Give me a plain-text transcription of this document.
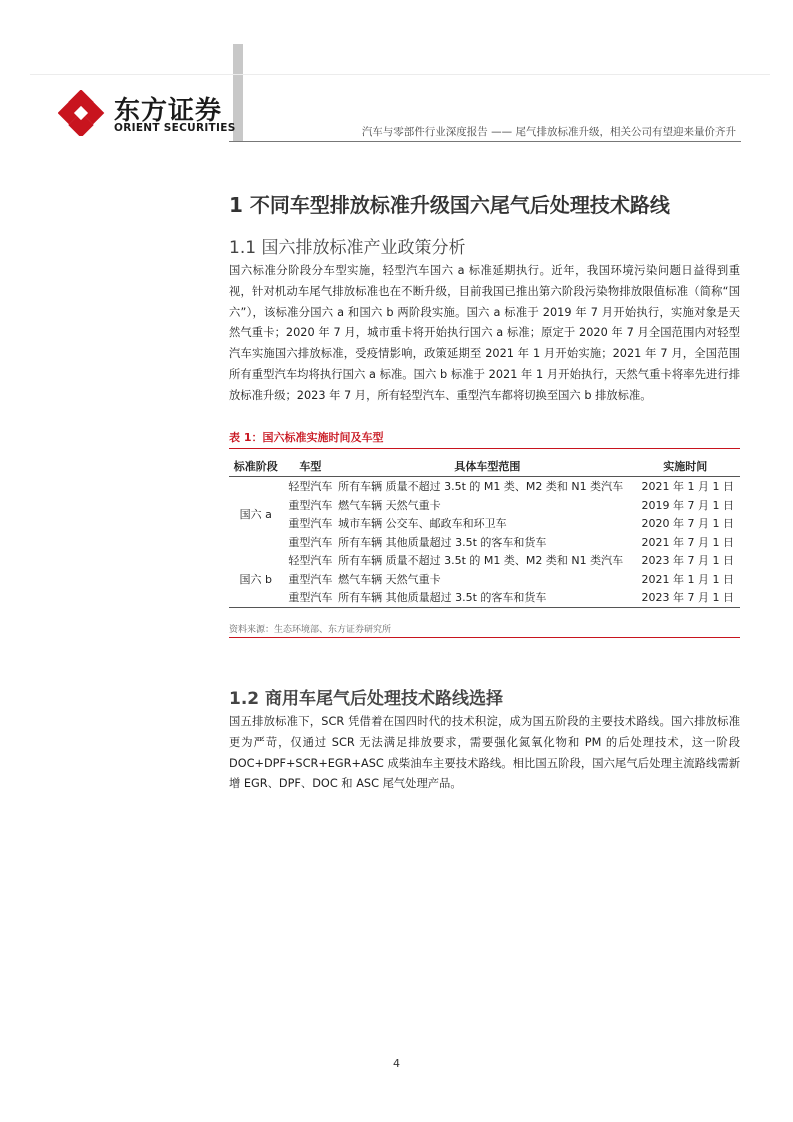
东方证券
ORIENT SECURITIES	汽车与零部件行业深度报告 —— 尾气排放标准升级，相关公司有望迎来量价齐升
1 不同车型排放标准升级国六尾气后处理技术路线
1.1 国六排放标准产业政策分析
国六标准分阶段分车型实施，轻型汽车国六 a 标准延期执行。近年，我国环境污染问题日益得到重视，针对机动车尾气排放标准也在不断升级，目前我国已推出第六阶段污染物排放限值标准（简称“国六”），该标准分国六 a 和国六 b 两阶段实施。国六 a 标准于 2019 年 7 月开始执行，实施对象是天然气重卡；2020 年 7 月，城市重卡将开始执行国六 a 标准；原定于 2020 年 7 月全国范围内对轻型汽车实施国六排放标准，受疫情影响，政策延期至 2021 年 1 月开始实施；2021 年 7 月，全国范围所有重型汽车均将执行国六 a 标准。国六 b 标准于 2021 年 1 月开始执行，天然气重卡将率先进行排放标准升级；2023 年 7 月，所有轻型汽车、重型汽车都将切换至国六 b 排放标准。
表 1：国六标准实施时间及车型
标准阶段	车型	具体车型范围	实施时间
国六 a	轻型汽车	所有车辆 质量不超过 3.5t 的 M1 类、M2 类和 N1 类汽车	2021 年 1 月 1 日
	重型汽车	燃气车辆 天然气重卡	2019 年 7 月 1 日
	重型汽车	城市车辆 公交车、邮政车和环卫车	2020 年 7 月 1 日
	重型汽车	所有车辆 其他质量超过 3.5t 的客车和货车	2021 年 7 月 1 日
国六 b	轻型汽车	所有车辆 质量不超过 3.5t 的 M1 类、M2 类和 N1 类汽车	2023 年 7 月 1 日
	重型汽车	燃气车辆 天然气重卡	2021 年 1 月 1 日
	重型汽车	所有车辆 其他质量超过 3.5t 的客车和货车	2023 年 7 月 1 日
资料来源：生态环境部、东方证券研究所
1.2 商用车尾气后处理技术路线选择
国五排放标准下，SCR 凭借着在国四时代的技术积淀，成为国五阶段的主要技术路线。国六排放标准更为严苛，仅通过 SCR 无法满足排放要求，需要强化氮氧化物和 PM 的后处理技术，这一阶段 DOC+DPF+SCR+EGR+ASC 成柴油车主要技术路线。相比国五阶段，国六尾气后处理主流路线需新增 EGR、DPF、DOC 和 ASC 尾气处理产品。
4
